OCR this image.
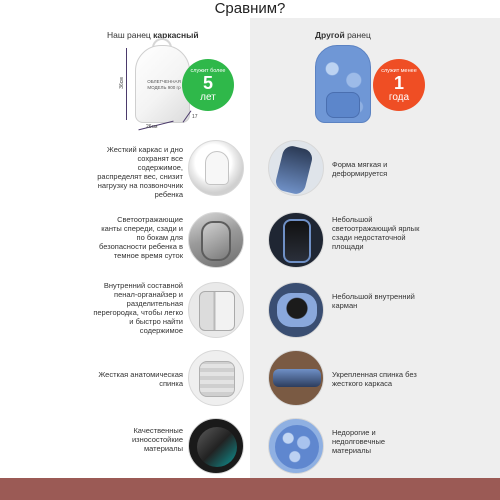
Сравним?
Наш ранец каркасный	Другой ранец
ОБЛЕГЧЕННАЯ МОДЕЛЬ 900 гр
36см
26см
17
служит более
5
лет
служит менее
1
года
Жесткий каркас и дно сохранят все содержимое, распределят вес, снизит нагрузку на позвоночник ребенка
Светоотражающие канты спереди, сзади и по бокам для безопасности ребенка в темное время суток
Внутренний составной пенал-органайзер и разделительная перегородка, чтобы легко и быстро найти содержимое
Жесткая анатомическая спинка
Качественные износостойкие материалы
Форма мягкая и деформируется
Небольшой светоотражающий ярлык сзади недостаточной площади
Небольшой внутренний карман
Укрепленная спинка без жесткого каркаса
Недорогие и недолговечные материалы
